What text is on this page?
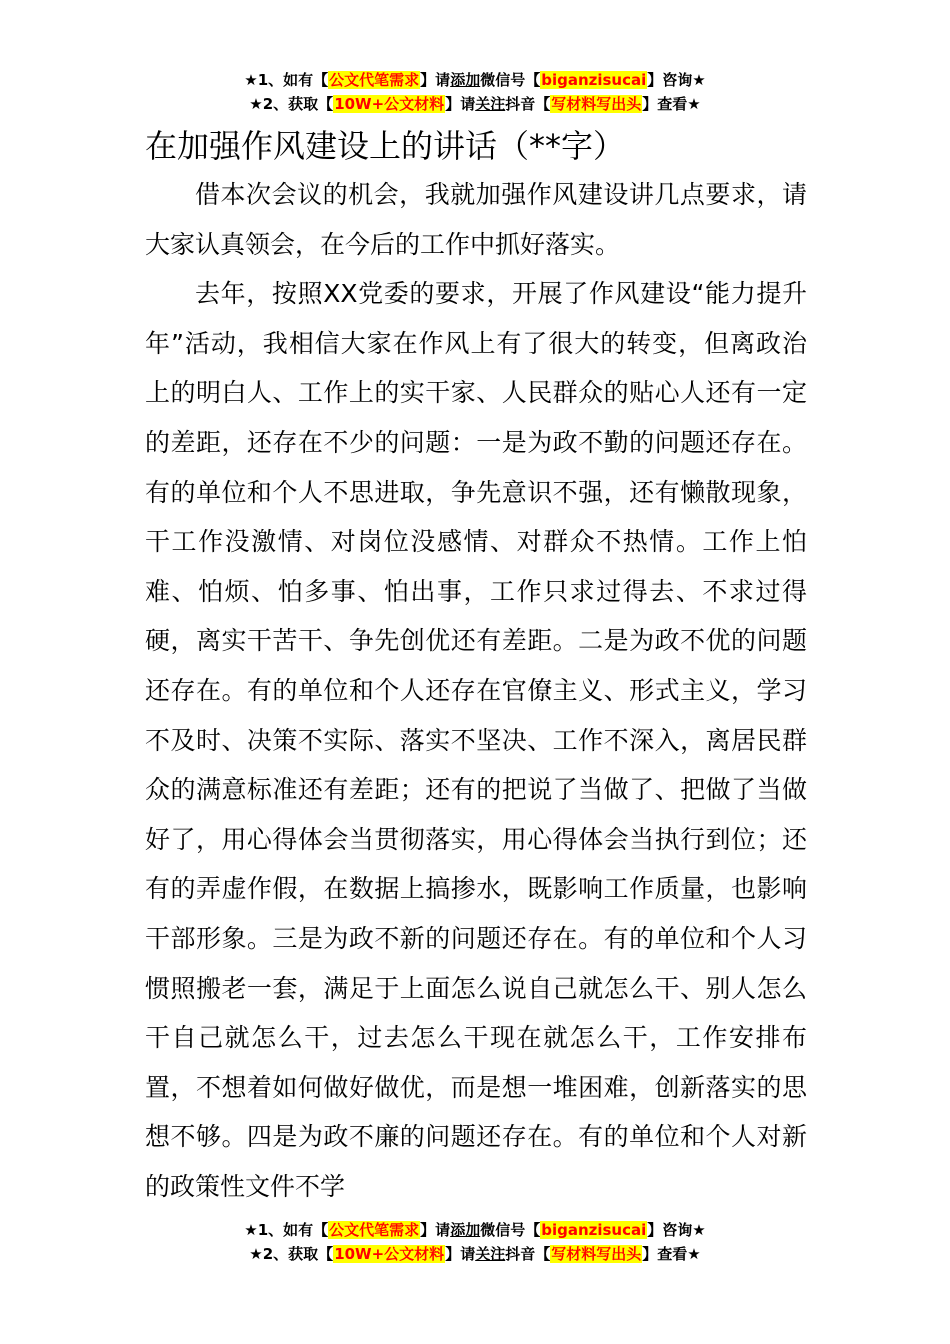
★1、如有【公文代笔需求】请添加微信号【biganzisucai】咨询★
★2、获取【10W+公文材料】请关注抖音【写材料写出头】查看★
在加强作风建设上的讲话（**字）

借本次会议的机会，我就加强作风建设讲几点要求，请大家认真领会，在今后的工作中抓好落实。

去年，按照XX党委的要求，开展了作风建设“能力提升年”活动，我相信大家在作风上有了很大的转变，但离政治上的明白人、工作上的实干家、人民群众的贴心人还有一定的差距，还存在不少的问题：一是为政不勤的问题还存在。有的单位和个人不思进取，争先意识不强，还有懒散现象，干工作没激情、对岗位没感情、对群众不热情。工作上怕难、怕烦、怕多事、怕出事，工作只求过得去、不求过得硬，离实干苦干、争先创优还有差距。二是为政不优的问题还存在。有的单位和个人还存在官僚主义、形式主义，学习不及时、决策不实际、落实不坚决、工作不深入，离居民群众的满意标准还有差距；还有的把说了当做了、把做了当做好了，用心得体会当贯彻落实，用心得体会当执行到位；还有的弄虚作假，在数据上搞掺水，既影响工作质量，也影响干部形象。三是为政不新的问题还存在。有的单位和个人习惯照搬老一套，满足于上面怎么说自己就怎么干、别人怎么干自己就怎么干，过去怎么干现在就怎么干，工作安排布置，不想着如何做好做优，而是想一堆困难，创新落实的思想不够。四是为政不廉的问题还存在。有的单位和个人对新的政策性文件不学

★1、如有【公文代笔需求】请添加微信号【biganzisucai】咨询★
★2、获取【10W+公文材料】请关注抖音【写材料写出头】查看★
